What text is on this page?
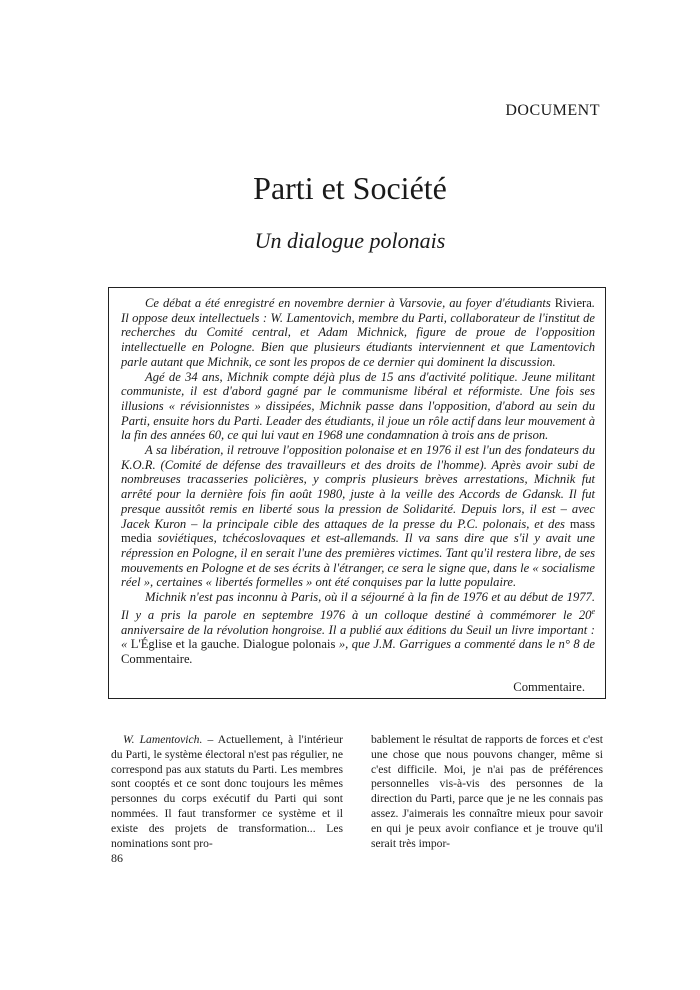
DOCUMENT
Parti et Société
Un dialogue polonais

Ce débat a été enregistré en novembre dernier à Varsovie, au foyer d'étudiants Riviera. Il oppose deux intellectuels : W. Lamentovich, membre du Parti, collaborateur de l'institut de recherches du Comité central, et Adam Michnick, figure de proue de l'opposition intellectuelle en Pologne. Bien que plusieurs étudiants interviennent et que Lamentovich parle autant que Michnik, ce sont les propos de ce dernier qui dominent la discussion.

Agé de 34 ans, Michnik compte déjà plus de 15 ans d'activité politique. Jeune militant communiste, il est d'abord gagné par le communisme libéral et réformiste. Une fois ses illusions « révisionnistes » dissipées, Michnik passe dans l'opposition, d'abord au sein du Parti, ensuite hors du Parti. Leader des étudiants, il joue un rôle actif dans leur mouvement à la fin des années 60, ce qui lui vaut en 1968 une condamnation à trois ans de prison.

A sa libération, il retrouve l'opposition polonaise et en 1976 il est l'un des fondateurs du K.O.R. (Comité de défense des travailleurs et des droits de l'homme). Après avoir subi de nombreuses tracasseries policières, y compris plusieurs brèves arrestations, Michnik fut arrêté pour la dernière fois fin août 1980, juste à la veille des Accords de Gdansk. Il fut presque aussitôt remis en liberté sous la pression de Solidarité. Depuis lors, il est – avec Jacek Kuron – la principale cible des attaques de la presse du P.C. polonais, et des mass media soviétiques, tchécoslovaques et est-allemands. Il va sans dire que s'il y avait une répression en Pologne, il en serait l'une des premières victimes. Tant qu'il restera libre, de ses mouvements en Pologne et de ses écrits à l'étranger, ce sera le signe que, dans le « socialisme réel », certaines « libertés formelles » ont été conquises par la lutte populaire.

Michnik n'est pas inconnu à Paris, où il a séjourné à la fin de 1976 et au début de 1977. Il y a pris la parole en septembre 1976 à un colloque destiné à commémorer le 20e anniversaire de la révolution hongroise. Il a publié aux éditions du Seuil un livre important : « L'Église et la gauche. Dialogue polonais », que J.M. Garrigues a commenté dans le n° 8 de Commentaire.

Commentaire.
W. Lamentovich. – Actuellement, à l'intérieur du Parti, le système électoral n'est pas régulier, ne correspond pas aux statuts du Parti. Les membres sont cooptés et ce sont donc toujours les mêmes personnes du corps exécutif du Parti qui sont nommées. Il faut transformer ce système et il existe des projets de transformation... Les nominations sont pro-
bablement le résultat de rapports de forces et c'est une chose que nous pouvons changer, même si c'est difficile. Moi, je n'ai pas de préférences personnelles vis-à-vis des personnes de la direction du Parti, parce que je ne les connais pas assez. J'aimerais les connaître mieux pour savoir en qui je peux avoir confiance et je trouve qu'il serait très impor-
86
